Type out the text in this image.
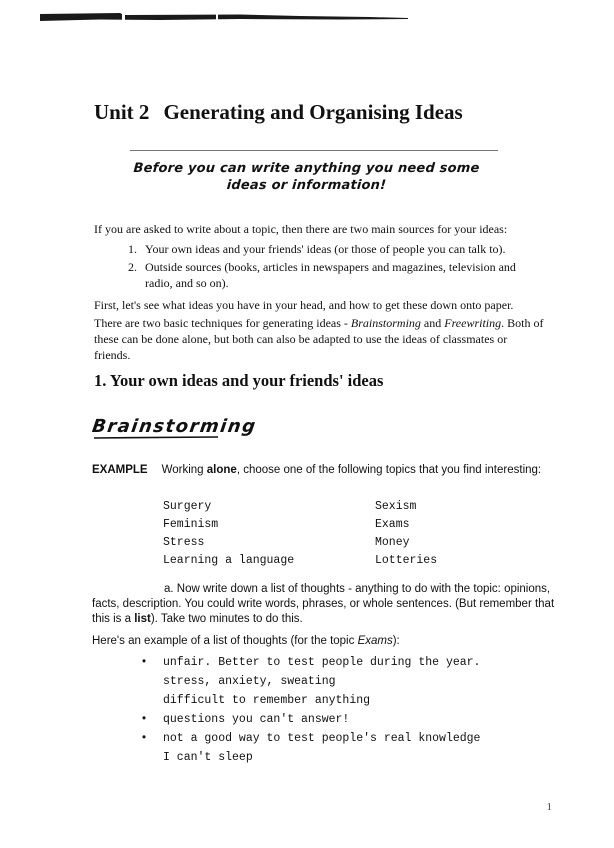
Unit 2 Generating and Organising Ideas
Before you can write anything you need some
ideas or information!
If you are asked to write about a topic, then there are two main sources for your ideas:
1. Your own ideas and your friends' ideas (or those of people you can talk to).
2. Outside sources (books, articles in newspapers and magazines, television and radio, and so on).
First, let's see what ideas you have in your head, and how to get these down onto paper.
There are two basic techniques for generating ideas - Brainstorming and Freewriting. Both of these can be done alone, but both can also be adapted to use the ideas of classmates or friends.
1. Your own ideas and your friends' ideas
Brainstorming
EXAMPLE Working alone, choose one of the following topics that you find interesting:
Surgery	Sexism
Feminism	Exams
Stress	Money
Learning a language	Lotteries
a. Now write down a list of thoughts - anything to do with the topic: opinions, facts, description. You could write words, phrases, or whole sentences. (But remember that this is a list). Take two minutes to do this.
Here's an example of a list of thoughts (for the topic Exams):
• unfair. Better to test people during the year.
stress, anxiety, sweating
difficult to remember anything
• questions you can't answer!
• not a good way to test people's real knowledge
I can't sleep
1
